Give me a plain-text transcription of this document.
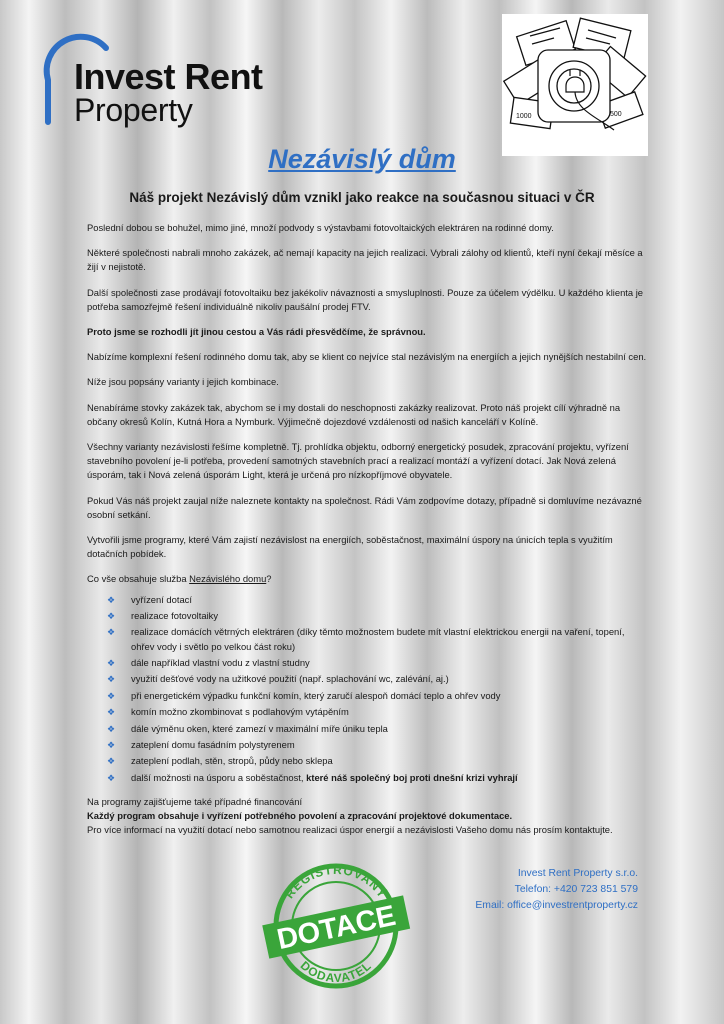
Invest Rent
Property	1000	500
Nezávislý dům
Náš projekt Nezávislý dům vznikl jako reakce na současnou situaci v ČR

Poslední dobou se bohužel, mimo jiné, množí podvody s výstavbami fotovoltaických elektráren na rodinné domy.

Některé společnosti nabrali mnoho zakázek, ač nemají kapacity na jejich realizaci. Vybrali zálohy od klientů, kteří nyní čekají měsíce a žijí v nejistotě.

Další společnosti zase prodávají fotovoltaiku bez jakékoliv návaznosti a smysluplnosti. Pouze za účelem výdělku. U každého klienta je potřeba samozřejmě řešení individuálně nikoliv paušální prodej FTV.

Proto jsme se rozhodli jít jinou cestou a Vás rádi přesvědčíme, že správnou.

Nabízíme komplexní řešení rodinného domu tak, aby se klient co nejvíce stal nezávislým na energiích a jejich nynějších nestabilní cen.

Níže jsou popsány varianty i jejich kombinace.

Nenabíráme stovky zakázek tak, abychom se i my dostali do neschopnosti zakázky realizovat. Proto náš projekt cílí výhradně na občany okresů Kolín, Kutná Hora a Nymburk. Výjimečně dojezdové vzdálenosti od našich kanceláří v Kolíně.

Všechny varianty nezávislosti řešíme kompletně. Tj. prohlídka objektu, odborný energetický posudek, zpracování projektu, vyřízení stavebního povolení je-li potřeba, provedení samotných stavebních prací a realizací montáží a vyřízení dotací. Jak Nová zelená úsporám, tak i Nová zelená úsporám Light, která je určená pro nízkopříjmové obyvatele.

Pokud Vás náš projekt zaujal níže naleznete kontakty na společnost. Rádi Vám zodpovíme dotazy, případně si domluvíme nezávazné osobní setkání.

Vytvořili jsme programy, které Vám zajistí nezávislost na energiích, soběstačnost, maximální úspory na únicích tepla s využitím dotačních pobídek.

Co vše obsahuje služba Nezávislého domu?

❖ vyřízení dotací
❖ realizace fotovoltaiky
❖ realizace domácích větrných elektráren (díky těmto možnostem budete mít vlastní elektrickou energii na vaření, topení, ohřev vody i světlo po velkou část roku)
❖ dále například vlastní vodu z vlastní studny
❖ využití dešťové vody na užitkové použití (např. splachování wc, zalévání, aj.)
❖ při energetickém výpadku funkční komín, který zaručí alespoň domácí teplo a ohřev vody
❖ komín možno zkombinovat s podlahovým vytápěním
❖ dále výměnu oken, které zamezí v maximální míře úniku tepla
❖ zateplení domu fasádním polystyrenem
❖ zateplení podlah, stěn, stropů, půdy nebo sklepa
❖ další možnosti na úsporu a soběstačnost, které náš společný boj proti dnešní krizi vyhrají

Na programy zajišťujeme také případné financování

Každý program obsahuje i vyřízení potřebného povolení a zpracování projektové dokumentace.

Pro více informací na využití dotací nebo samotnou realizaci úspor energií a nezávislosti Vašeho domu nás prosím kontaktujte.

Invest Rent Property s.r.o.
Telefon: +420 723 851 579
Email: office@investrentproperty.cz
REGISTROVANÝ
DODAVATEL
DOTACE
